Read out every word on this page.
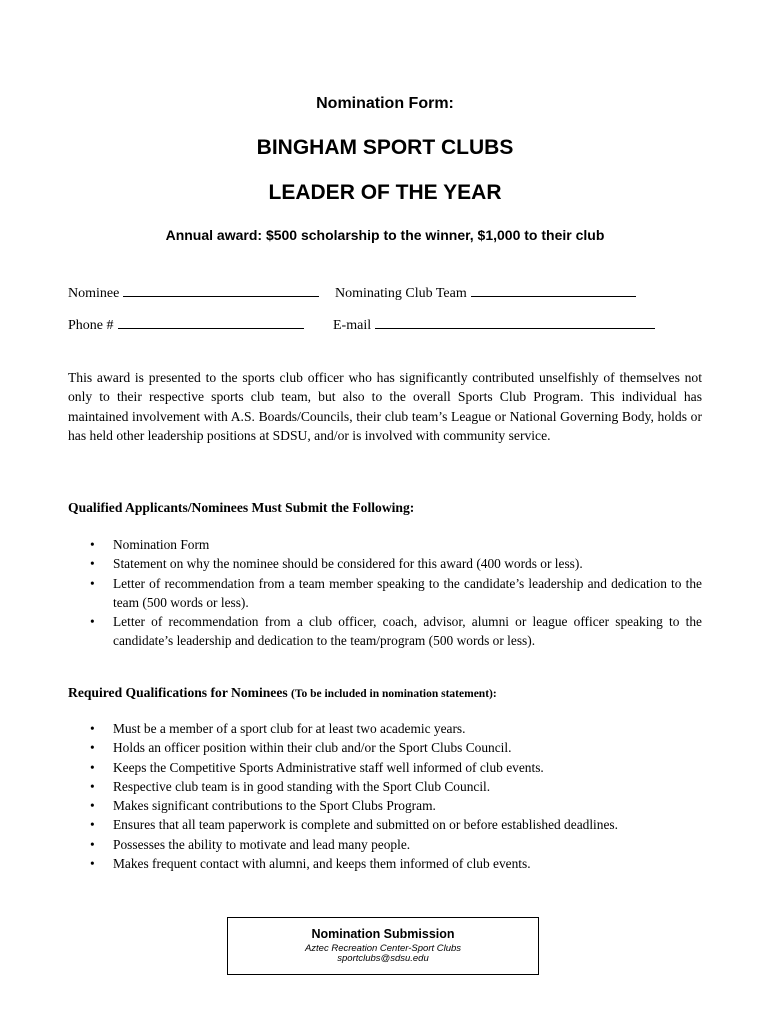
Nomination Form:
BINGHAM SPORT CLUBS
LEADER OF THE YEAR
Annual award: $500 scholarship to the winner, $1,000 to their club
Nominee	Nominating Club Team
Phone #	E-mail

This award is presented to the sports club officer who has significantly contributed unselfishly of themselves not only to their respective sports club team, but also to the overall Sports Club Program. This individual has maintained involvement with A.S. Boards/Councils, their club team’s League or National Governing Body, holds or has held other leadership positions at SDSU, and/or is involved with community service.

Qualified Applicants/Nominees Must Submit the Following:
• Nomination Form
• Statement on why the nominee should be considered for this award (400 words or less).
• Letter of recommendation from a team member speaking to the candidate’s leadership and dedication to the team (500 words or less).
• Letter of recommendation from a club officer, coach, advisor, alumni or league officer speaking to the candidate’s leadership and dedication to the team/program (500 words or less).
Required Qualifications for Nominees (To be included in nomination statement):
• Must be a member of a sport club for at least two academic years.
• Holds an officer position within their club and/or the Sport Clubs Council.
• Keeps the Competitive Sports Administrative staff well informed of club events.
• Respective club team is in good standing with the Sport Club Council.
• Makes significant contributions to the Sport Clubs Program.
• Ensures that all team paperwork is complete and submitted on or before established deadlines.
• Possesses the ability to motivate and lead many people.
• Makes frequent contact with alumni, and keeps them informed of club events.
Nomination Submission
Aztec Recreation Center-Sport Clubs
sportclubs@sdsu.edu
